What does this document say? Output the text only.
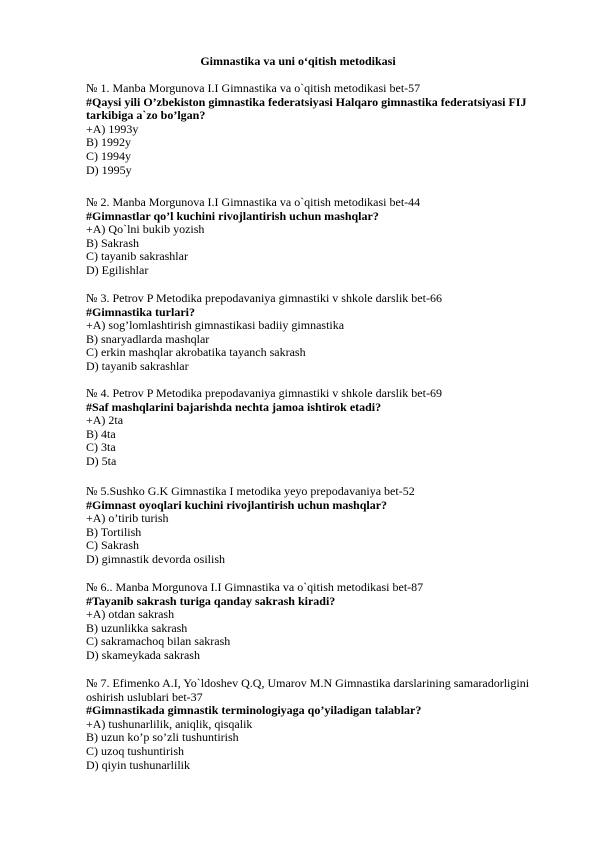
Gimnastika va uni o‘qitish metodikasi
№ 1. Manba Morgunova I.I Gimnastika va o`qitish metodikasi bet-57
#Qaysi yili O’zbekiston gimnastika federatsiyasi Halqaro gimnastika federatsiyasi FIJ tarkibiga a`zo bo’lgan?
+A) 1993y
B) 1992y
C) 1994y
D) 1995y
№ 2. Manba Morgunova I.I Gimnastika va o`qitish metodikasi bet-44
#Gimnastlar qo’l kuchini rivojlantirish uchun mashqlar?
+A) Qo`lni bukib yozish
B) Sakrash
C) tayanib sakrashlar
D) Egilishlar
№ 3. Petrov P Metodika prepodavaniya gimnastiki v shkole darslik bet-66
#Gimnastika turlari?
+A) sog’lomlashtirish gimnastikasi badiiy gimnastika
B) snaryadlarda mashqlar
C) erkin mashqlar akrobatika tayanch sakrash
D) tayanib sakrashlar
№ 4. Petrov P Metodika prepodavaniya gimnastiki v shkole darslik bet-69
#Saf mashqlarini bajarishda nechta jamoa ishtirok etadi?
+A) 2ta
B) 4ta
C) 3ta
D) 5ta
№ 5.Sushko G.K Gimnastika I metodika yeyo prepodavaniya bet-52
#Gimnast oyoqlari kuchini rivojlantirish uchun mashqlar?
+A) o’tirib turish
B) Tortilish
C) Sakrash
D) gimnastik devorda osilish
№ 6.. Manba Morgunova I.I Gimnastika va o`qitish metodikasi bet-87
#Tayanib sakrash turiga qanday sakrash kiradi?
+A) otdan sakrash
B) uzunlikka sakrash
C) sakramachoq bilan sakrash
D) skameykada sakrash
№ 7. Efimenko A.I, Yo`ldoshev Q.Q, Umarov M.N Gimnastika darslarining samaradorligini oshirish uslublari bet-37
#Gimnastikada gimnastik terminologiyaga qo’yiladigan talablar?
+A) tushunarlilik, aniqlik, qisqalik
B) uzun ko’p so’zli tushuntirish
C) uzoq tushuntirish
D) qiyin tushunarlilik
